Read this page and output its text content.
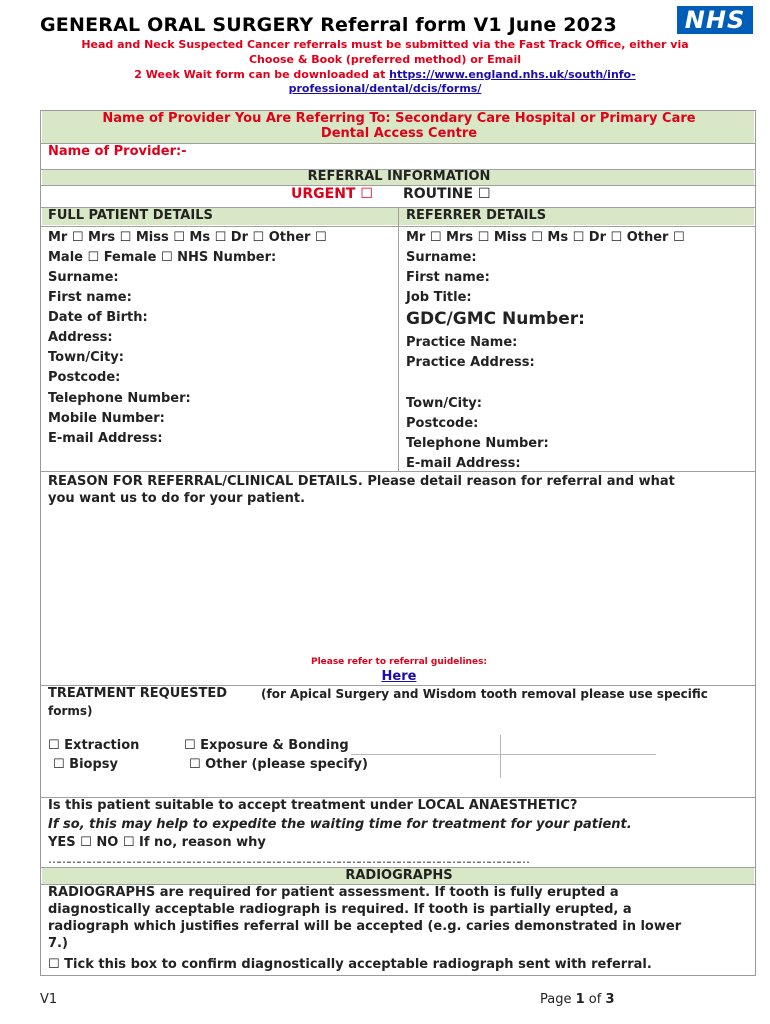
GENERAL ORAL SURGERY Referral form V1 June 2023	NHS
Head and Neck Suspected Cancer referrals must be submitted via the Fast Track Office, either via
Choose & Book (preferred method) or Email
2 Week Wait form can be downloaded at https://www.england.nhs.uk/south/info-
professional/dental/dcis/forms/
Name of Provider You Are Referring To: Secondary Care Hospital or Primary Care
Dental Access Centre
Name of Provider:-
REFERRAL INFORMATION
URGENT ☐ ROUTINE ☐
FULL PATIENT DETAILS	REFERRER DETAILS
Mr ☐ Mrs ☐ Miss ☐ Ms ☐ Dr ☐ Other ☐
Male ☐ Female ☐ NHS Number:
Surname:
First name:
Date of Birth:
Address:
Town/City:
Postcode:
Telephone Number:
Mobile Number:
E-mail Address:
Mr ☐ Mrs ☐ Miss ☐ Ms ☐ Dr ☐ Other ☐
Surname:
First name:
Job Title:
GDC/GMC Number:
Practice Name:
Practice Address:
Town/City:
Postcode:
Telephone Number:
E-mail Address:
REASON FOR REFERRAL/CLINICAL DETAILS. Please detail reason for referral and what
you want us to do for your patient.
Please refer to referral guidelines:
Here
TREATMENT REQUESTED	(for Apical Surgery and Wisdom tooth removal please use specific
forms)
☐ Extraction	☐ Exposure & Bonding
☐ Biopsy	☐ Other (please specify)
Is this patient suitable to accept treatment under LOCAL ANAESTHETIC?
If so, this may help to expedite the waiting time for treatment for your patient.
YES ☐ NO ☐ If no, reason why
………………………………………………………………………………………………………………………………
RADIOGRAPHS
RADIOGRAPHS are required for patient assessment. If tooth is fully erupted a
diagnostically acceptable radiograph is required. If tooth is partially erupted, a
radiograph which justifies referral will be accepted (e.g. caries demonstrated in lower
7.)
☐ Tick this box to confirm diagnostically acceptable radiograph sent with referral.
V1	Page 1 of 3
